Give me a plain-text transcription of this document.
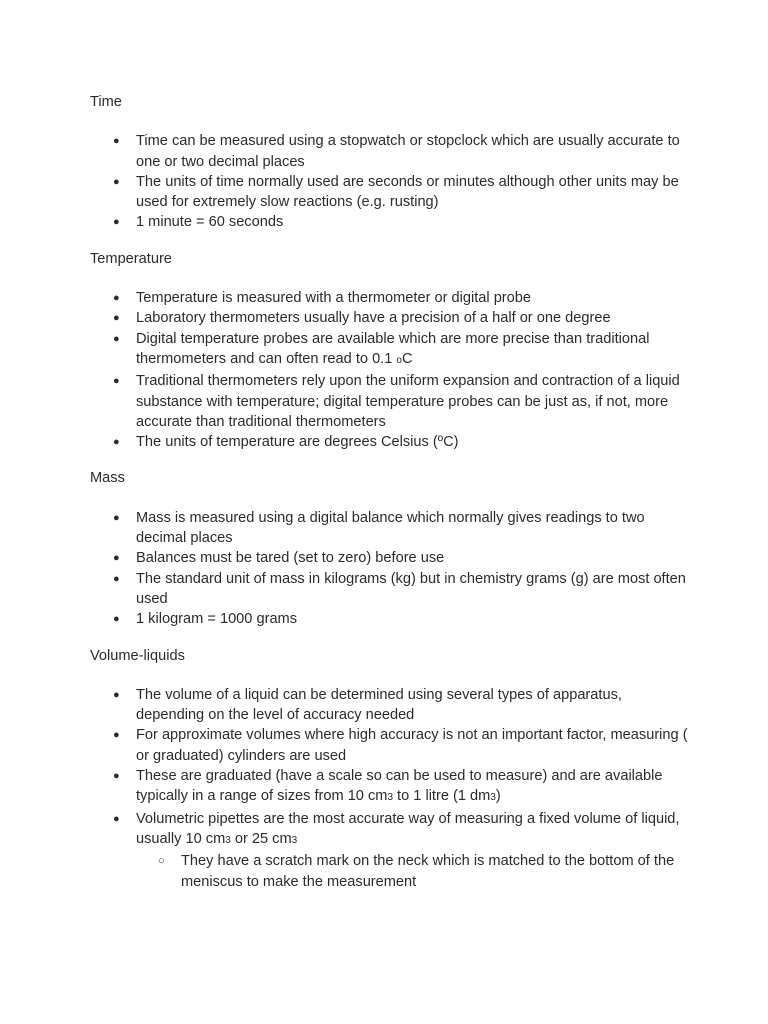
Time

● Time can be measured using a stopwatch or stopclock which are usually accurate to one or two decimal places
● The units of time normally used are seconds or minutes although other units may be used for extremely slow reactions (e.g. rusting)
● 1 minute = 60 seconds

Temperature

● Temperature is measured with a thermometer or digital probe
● Laboratory thermometers usually have a precision of a half or one degree
● Digital temperature probes are available which are more precise than traditional thermometers and can often read to 0.1 oC
● Traditional thermometers rely upon the uniform expansion and contraction of a liquid substance with temperature; digital temperature probes can be just as, if not, more accurate than traditional thermometers
● The units of temperature are degrees Celsius (ºC)

Mass

● Mass is measured using a digital balance which normally gives readings to two decimal places
● Balances must be tared (set to zero) before use
● The standard unit of mass in kilograms (kg) but in chemistry grams (g) are most often used
● 1 kilogram = 1000 grams

Volume-liquids

● The volume of a liquid can be determined using several types of apparatus, depending on the level of accuracy needed
● For approximate volumes where high accuracy is not an important factor, measuring ( or graduated) cylinders are used
● These are graduated (have a scale so can be used to measure) and are available typically in a range of sizes from 10 cm3 to 1 litre (1 dm3)
● Volumetric pipettes are the most accurate way of measuring a fixed volume of liquid, usually 10 cm3 or 25 cm3
○ They have a scratch mark on the neck which is matched to the bottom of the meniscus to make the measurement
